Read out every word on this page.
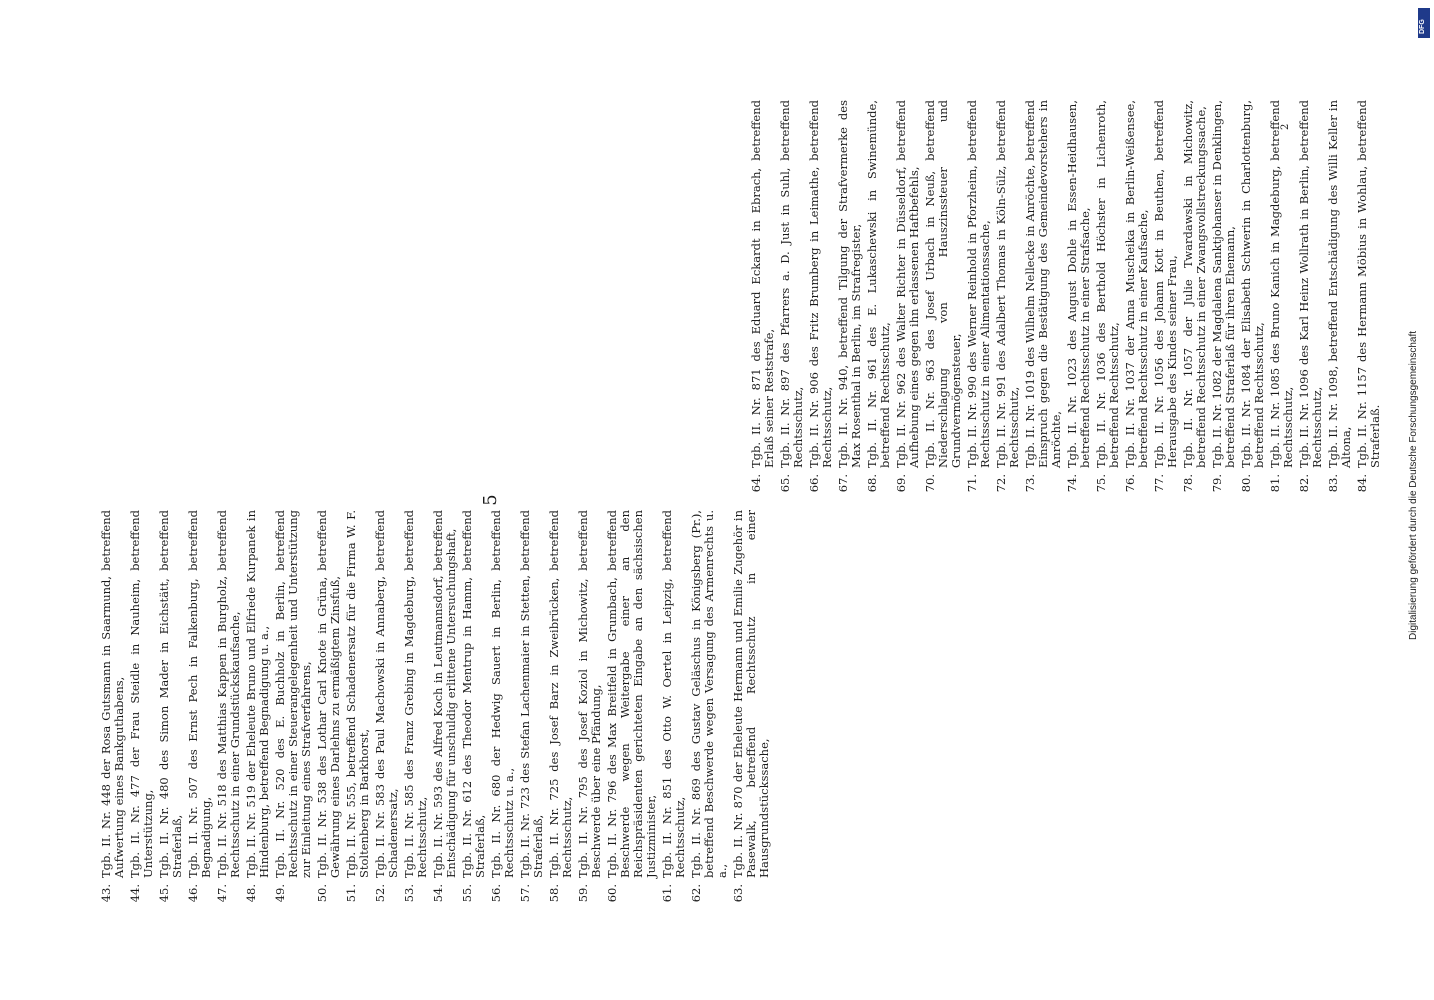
5
43.
Tgb. II. Nr. 448 der Rosa Gutsmann in Saarmund, betreffend Aufwertung eines Bankguthabens,
44.
Tgb. II. Nr. 477 der Frau Steidle in Nauheim, betreffend Unterstützung,
45.
Tgb. II. Nr. 480 des Simon Mader in Eichstätt, betreffend Straferlaß,
46.
Tgb. II. Nr. 507 des Ernst Pech in Falkenburg, betreffend Begnadigung,
47.
Tgb. II. Nr. 518 des Matthias Kappen in Burgholz, betreffend Rechtsschutz in einer Grundstückskaufsache,
48.
Tgb. II. Nr. 519 der Eheleute Bruno und Elfriede Kurpanek in Hindenburg, betreffend Begnadigung u. a.,
49.
Tgb. II. Nr. 520 des E. Buchholz in Berlin, betreffend Rechtsschutz in einer Steuerangelegenheit und Unterstützung zur Einleitung eines Strafverfahrens,
50.
Tgb. II. Nr. 538 des Lothar Carl Knote in Grüna, betreffend Gewährung eines Darlehns zu ermäßigtem Zinsfuß,
51.
Tgb. II. Nr. 555, betreffend Schadenersatz für die Firma W. F. Stoltenberg in Barkhorst,
52.
Tgb. II. Nr. 583 des Paul Machowski in Annaberg, betreffend Schadenersatz,
53.
Tgb. II. Nr. 585 des Franz Grebing in Magdeburg, betreffend Rechtsschutz,
54.
Tgb. II. Nr. 593 des Alfred Koch in Leutmannsdorf, betreffend Entschädigung für unschuldig erlittene Untersuchungshaft,
55.
Tgb. II. Nr. 612 des Theodor Mentrup in Hamm, betreffend Straferlaß,
56.
Tgb. II. Nr. 680 der Hedwig Sauert in Berlin, betreffend Rechtsschutz u. a.,
57.
Tgb. II. Nr. 723 des Stefan Lachenmaier in Stetten, betreffend Straferlaß,
58.
Tgb. II. Nr. 725 des Josef Barz in Zweibrücken, betreffend Rechtsschutz,
59.
Tgb. II. Nr. 795 des Josef Koziol in Michowitz, betreffend Beschwerde über eine Pfändung,
60.
Tgb. II. Nr. 796 des Max Breitfeld in Grumbach, betreffend Beschwerde wegen Weitergabe einer an den Reichspräsidenten gerichteten Eingabe an den sächsischen Justizminister,
61.
Tgb. II. Nr. 851 des Otto W. Oertel in Leipzig, betreffend Rechtsschutz,
62.
Tgb. II. Nr. 869 des Gustav Geläschus in Königsberg (Pr.), betreffend Beschwerde wegen Versagung des Armenrechts u. a.,
63.
Tgb. II. Nr. 870 der Eheleute Hermann und Emilie Zugehör in Pasewalk, betreffend Rechtsschutz in einer Hausgrundstückssache,
64.
Tgb. II. Nr. 871 des Eduard Eckardt in Ebrach, betreffend Erlaß seiner Reststrafe,
65.
Tgb. II. Nr. 897 des Pfarrers a. D. Just in Suhl, betreffend Rechtsschutz,
66.
Tgb. II. Nr. 906 des Fritz Brumberg in Leimathe, betreffend Rechtsschutz,
67.
Tgb. II. Nr. 940, betreffend Tilgung der Strafvermerke des Max Rosenthal in Berlin, im Strafregister,
68.
Tgb. II. Nr. 961 des E. Lukaschewski in Swinemünde, betreffend Rechtsschutz,
69.
Tgb. II. Nr. 962 des Walter Richter in Düsseldorf, betreffend Aufhebung eines gegen ihn erlassenen Haftbefehls,
70.
Tgb. II. Nr. 963 des Josef Urbach in Neuß, betreffend Niederschlagung von Hauszinssteuer und Grundvermögensteuer,
71.
Tgb. II. Nr. 990 des Werner Reinhold in Pforzheim, betreffend Rechtsschutz in einer Alimentationssache,
72.
Tgb. II. Nr. 991 des Adalbert Thomas in Köln-Sülz, betreffend Rechtsschutz,
73.
Tgb. II. Nr. 1019 des Wilhelm Nellecke in Anröchte, betreffend Einspruch gegen die Bestätigung des Gemeindevorstehers in Anröchte,
74.
Tgb. II. Nr. 1023 des August Dohle in Essen-Heidhausen, betreffend Rechtsschutz in einer Strafsache,
75.
Tgb. II. Nr. 1036 des Berthold Höchster in Lichenroth, betreffend Rechtsschutz,
76.
Tgb. II. Nr. 1037 der Anna Muscheika in Berlin-Weißensee, betreffend Rechtsschutz in einer Kaufsache,
77.
Tgb. II. Nr. 1056 des Johann Kott in Beuthen, betreffend Herausgabe des Kindes seiner Frau,
78.
Tgb. II. Nr. 1057 der Julie Twardawski in Michowitz, betreffend Rechtsschutz in einer Zwangsvollstreckungssache,
79.
Tgb. II. Nr. 1082 der Magdalena Sanktjohanser in Denklingen, betreffend Straferlaß für ihren Ehemann,
80.
Tgb. II. Nr. 1084 der Elisabeth Schwerin in Charlottenburg, betreffend Rechtsschutz,
81.
Tgb. II. Nr. 1085 des Bruno Kanich in Magdeburg, betreffend Rechtsschutz,
82.
Tgb. II. Nr. 1096 des Karl Heinz Wollrath in Berlin, betreffend Rechtsschutz,
83.
Tgb. II. Nr. 1098, betreffend Entschädigung des Willi Keller in Altona,
84.
Tgb. II. Nr. 1157 des Hermann Möbius in Wohlau, betreffend Straferlaß.
2
DFG
Digitalisierung gefördert durch die Deutsche Forschungsgemeinschaft
